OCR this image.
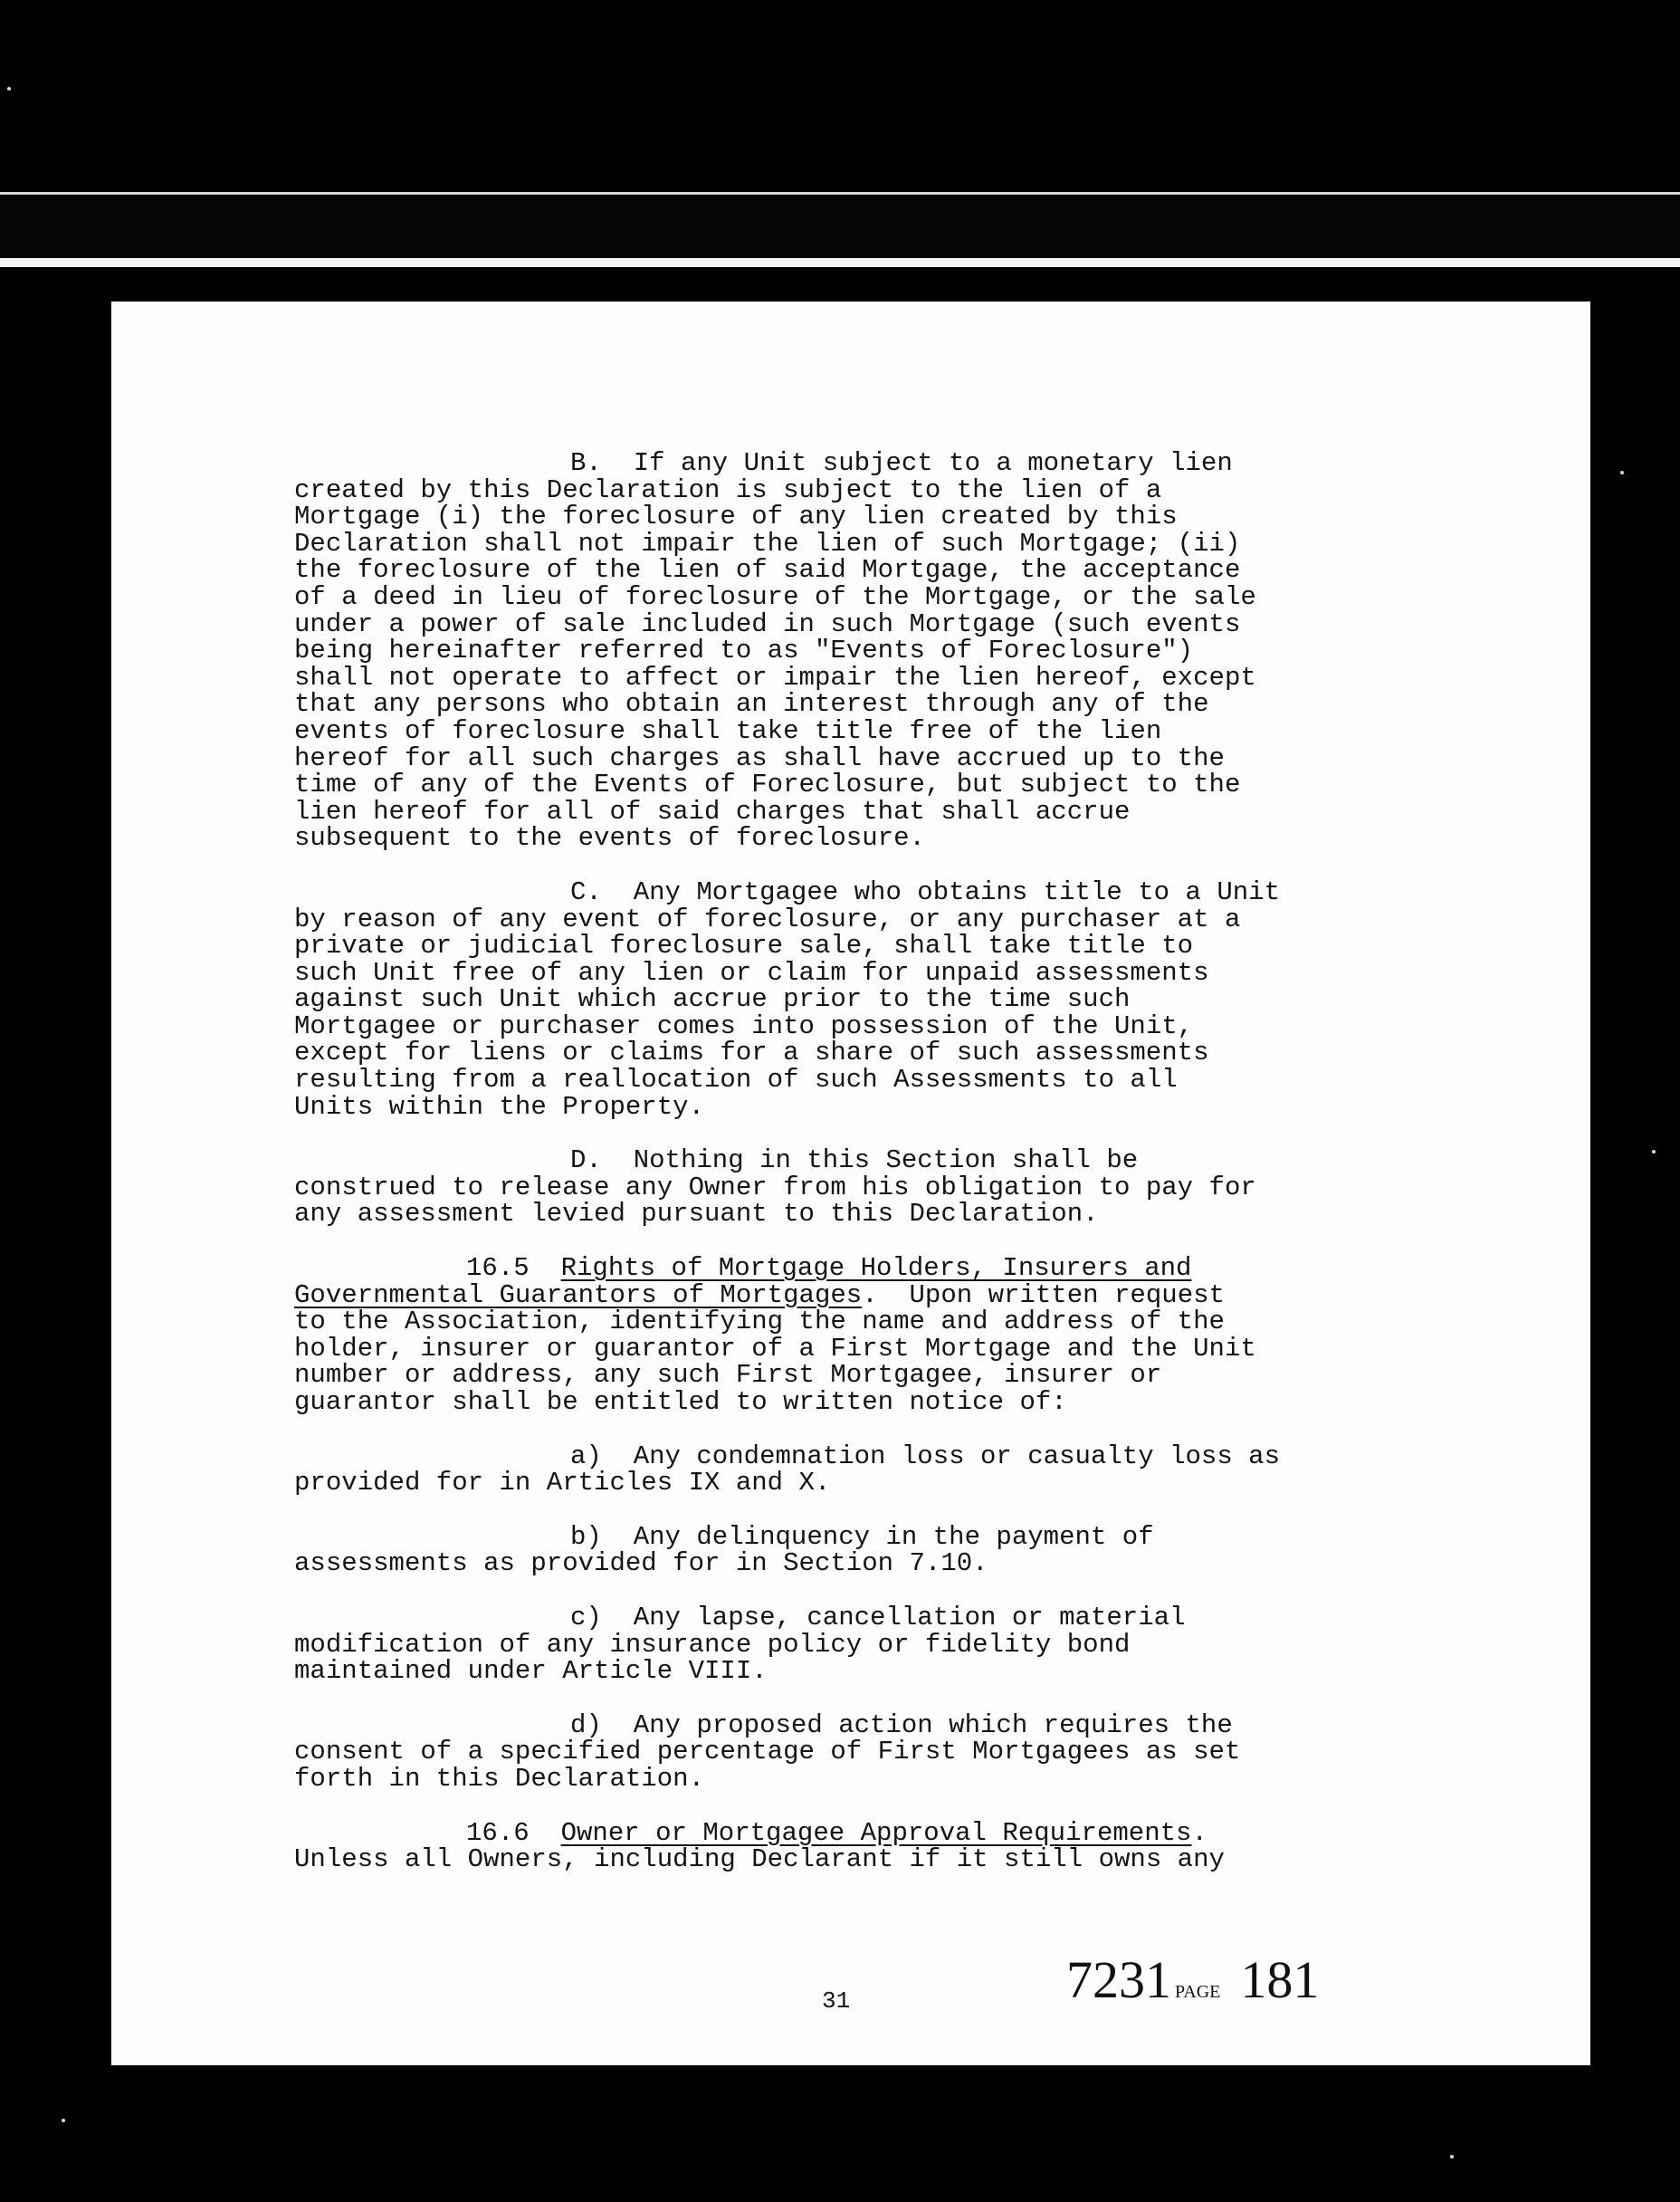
B.  If any Unit subject to a monetary lien

created by this Declaration is subject to the lien of a

Mortgage (i) the foreclosure of any lien created by this

Declaration shall not impair the lien of such Mortgage; (ii)

the foreclosure of the lien of said Mortgage, the acceptance

of a deed in lieu of foreclosure of the Mortgage, or the sale

under a power of sale included in such Mortgage (such events

being hereinafter referred to as "Events of Foreclosure")

shall not operate to affect or impair the lien hereof, except

that any persons who obtain an interest through any of the

events of foreclosure shall take title free of the lien

hereof for all such charges as shall have accrued up to the

time of any of the Events of Foreclosure, but subject to the

lien hereof for all of said charges that shall accrue

subsequent to the events of foreclosure.

C.  Any Mortgagee who obtains title to a Unit

by reason of any event of foreclosure, or any purchaser at a

private or judicial foreclosure sale, shall take title to

such Unit free of any lien or claim for unpaid assessments

against such Unit which accrue prior to the time such

Mortgagee or purchaser comes into possession of the Unit,

except for liens or claims for a share of such assessments

resulting from a reallocation of such Assessments to all

Units within the Property.

D.  Nothing in this Section shall be

construed to release any Owner from his obligation to pay for

any assessment levied pursuant to this Declaration.

16.5 Rights of Mortgage Holders, Insurers and

Governmental Guarantors of Mortgages.  Upon written request

to the Association, identifying the name and address of the

holder, insurer or guarantor of a First Mortgage and the Unit

number or address, any such First Mortgagee, insurer or

guarantor shall be entitled to written notice of:

a)  Any condemnation loss or casualty loss as

provided for in Articles IX and X.

b)  Any delinquency in the payment of

assessments as provided for in Section 7.10.

c)  Any lapse, cancellation or material

modification of any insurance policy or fidelity bond

maintained under Article VIII.

d)  Any proposed action which requires the

consent of a specified percentage of First Mortgagees as set

forth in this Declaration.

16.6 Owner or Mortgagee Approval Requirements.

Unless all Owners, including Declarant if it still owns any

31	7231 PAGE 181
